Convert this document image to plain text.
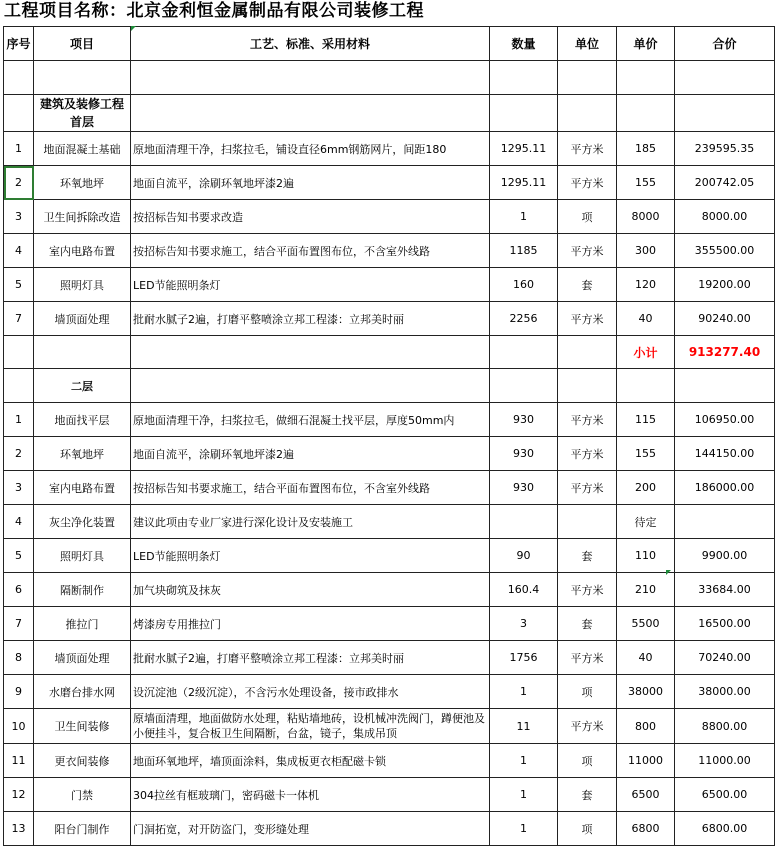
工程项目名称：北京金利恒金属制品有限公司装修工程
序号	项目	工艺、标准、采用材料	数量	单位	单价	合价

	建筑及装修工程
首层					
1	地面混凝土基础	原地面清理干净，扫浆拉毛，铺设直径6mm钢筋网片，间距180	1295.11	平方米	185	239595.35
2	环氧地坪	地面自流平，涂刷环氧地坪漆2遍	1295.11	平方米	155	200742.05
3	卫生间拆除改造	按招标告知书要求改造	1	项	8000	8000.00
4	室内电路布置	按招标告知书要求施工，结合平面布置图布位，不含室外线路	1185	平方米	300	355500.00
5	照明灯具	LED节能照明条灯	160	套	120	19200.00
7	墙顶面处理	批耐水腻子2遍，打磨平整喷涂立邦工程漆：立邦美时丽	2256	平方米	40	90240.00
					小计	913277.40
	二层					
1	地面找平层	原地面清理干净，扫浆拉毛，做细石混凝土找平层，厚度50mm内	930	平方米	115	106950.00
2	环氧地坪	地面自流平，涂刷环氧地坪漆2遍	930	平方米	155	144150.00
3	室内电路布置	按招标告知书要求施工，结合平面布置图布位，不含室外线路	930	平方米	200	186000.00
4	灰尘净化装置	建议此项由专业厂家进行深化设计及安装施工			待定	
5	照明灯具	LED节能照明条灯	90	套	110	9900.00
6	隔断制作	加气块砌筑及抹灰	160.4	平方米	210	33684.00
7	推拉门	烤漆房专用推拉门	3	套	5500	16500.00
8	墙顶面处理	批耐水腻子2遍，打磨平整喷涂立邦工程漆：立邦美时丽	1756	平方米	40	70240.00
9	水磨台排水网	设沉淀池（2级沉淀），不含污水处理设备，接市政排水	1	项	38000	38000.00
10	卫生间装修	原墙面清理，地面做防水处理，粘贴墙地砖，设机械冲洗阀门，蹲便池及小便挂斗，复合板卫生间隔断，台盆，镜子，集成吊顶	11	平方米	800	8800.00
11	更衣间装修	地面环氧地坪，墙顶面涂料，集成板更衣柜配磁卡锁	1	项	11000	11000.00
12	门禁	304拉丝有框玻璃门，密码磁卡一体机	1	套	6500	6500.00
13	阳台门制作	门洞拓宽，对开防盗门，变形缝处理	1	项	6800	6800.00
